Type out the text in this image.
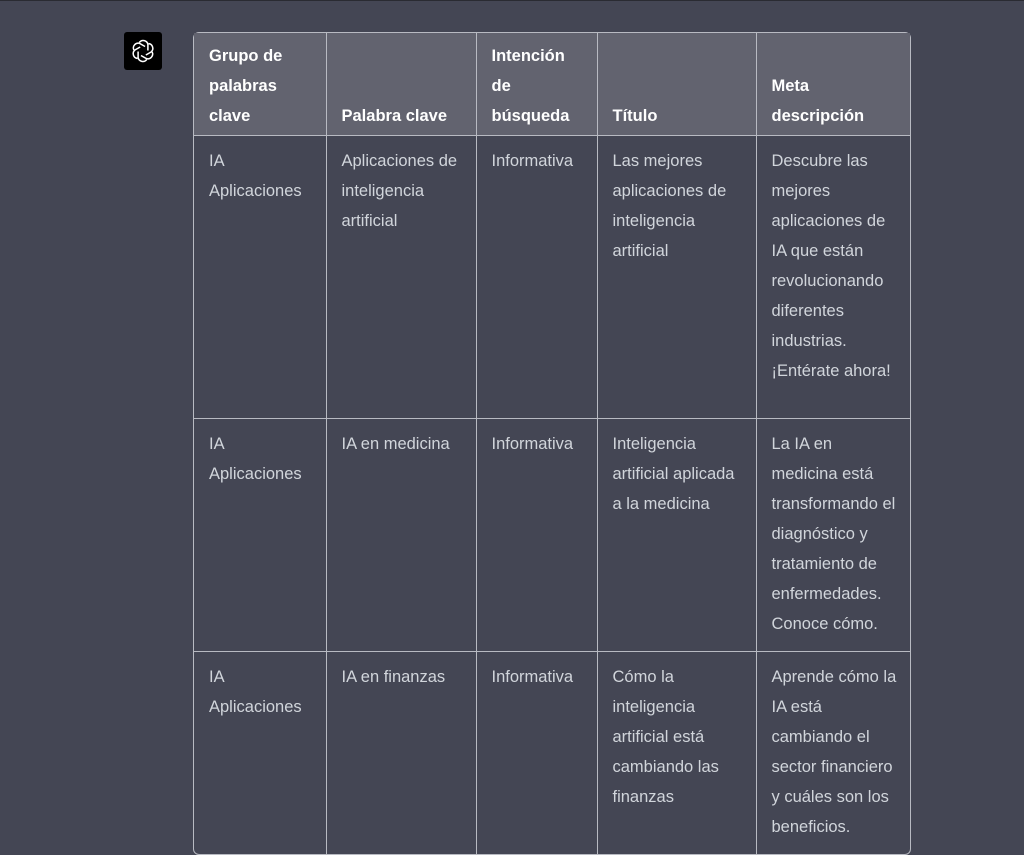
Grupo de palabras clave	Palabra clave	Intención de búsqueda	Título	Meta descripción
IA Aplicaciones	Aplicaciones de inteligencia artificial	Informativa	Las mejores aplicaciones de inteligencia artificial	Descubre las mejores aplicaciones de IA que están revolucionando diferentes industrias. ¡Entérate ahora!
IA Aplicaciones	IA en medicina	Informativa	Inteligencia artificial aplicada a la medicina	La IA en medicina está transformando el diagnóstico y tratamiento de enfermedades. Conoce cómo.
IA Aplicaciones	IA en finanzas	Informativa	Cómo la inteligencia artificial está cambiando las finanzas	Aprende cómo la IA está cambiando el sector financiero y cuáles son los beneficios.
